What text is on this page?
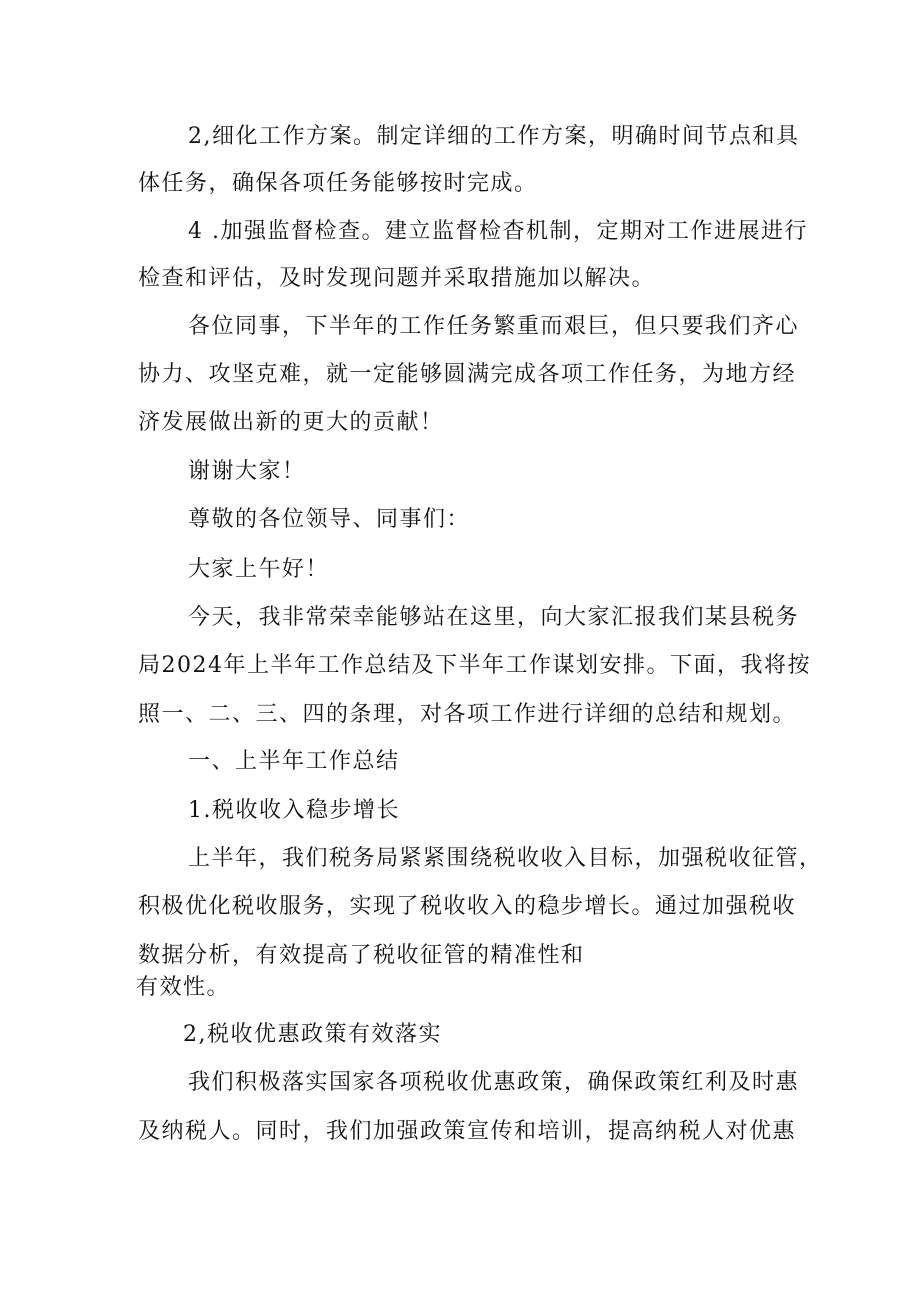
2,细化工作方案。制定详细的工作方案，明确时间节点和具
体任务，确保各项任务能够按时完成。
4 .加强监督检查。建立监督检杳机制，定期对工作进展进行
检查和评估，及时发现问题并采取措施加以解决。
各位同事，下半年的工作任务繁重而艰巨，但只要我们齐心
协力、攻坚克难，就一定能够圆满完成各项工作任务，为地方经
济发展做出新的更大的贡献！
谢谢大家！
尊敬的各位领导、同事们：
大家上午好！
今天，我非常荣幸能够站在这里，向大家汇报我们某县税务
局2024年上半年工作总结及下半年工作谋划安排。下面，我将按
照一、二、三、四的条理，对各项工作进行详细的总结和规划。
一、上半年工作总结
1.税收收入稳步增长
上半年，我们税务局紧紧围绕税收收入目标，加强税收征管，
积极优化税收服务，实现了税收收入的稳步增长。通过加强税收
数据分析，有效提高了税收征管的精准性和
有效性。
2,税收优惠政策有效落实
我们积极落实国家各项税收优惠政策，确保政策红利及时惠
及纳税人。同时，我们加强政策宣传和培训，提高纳税人对优惠
